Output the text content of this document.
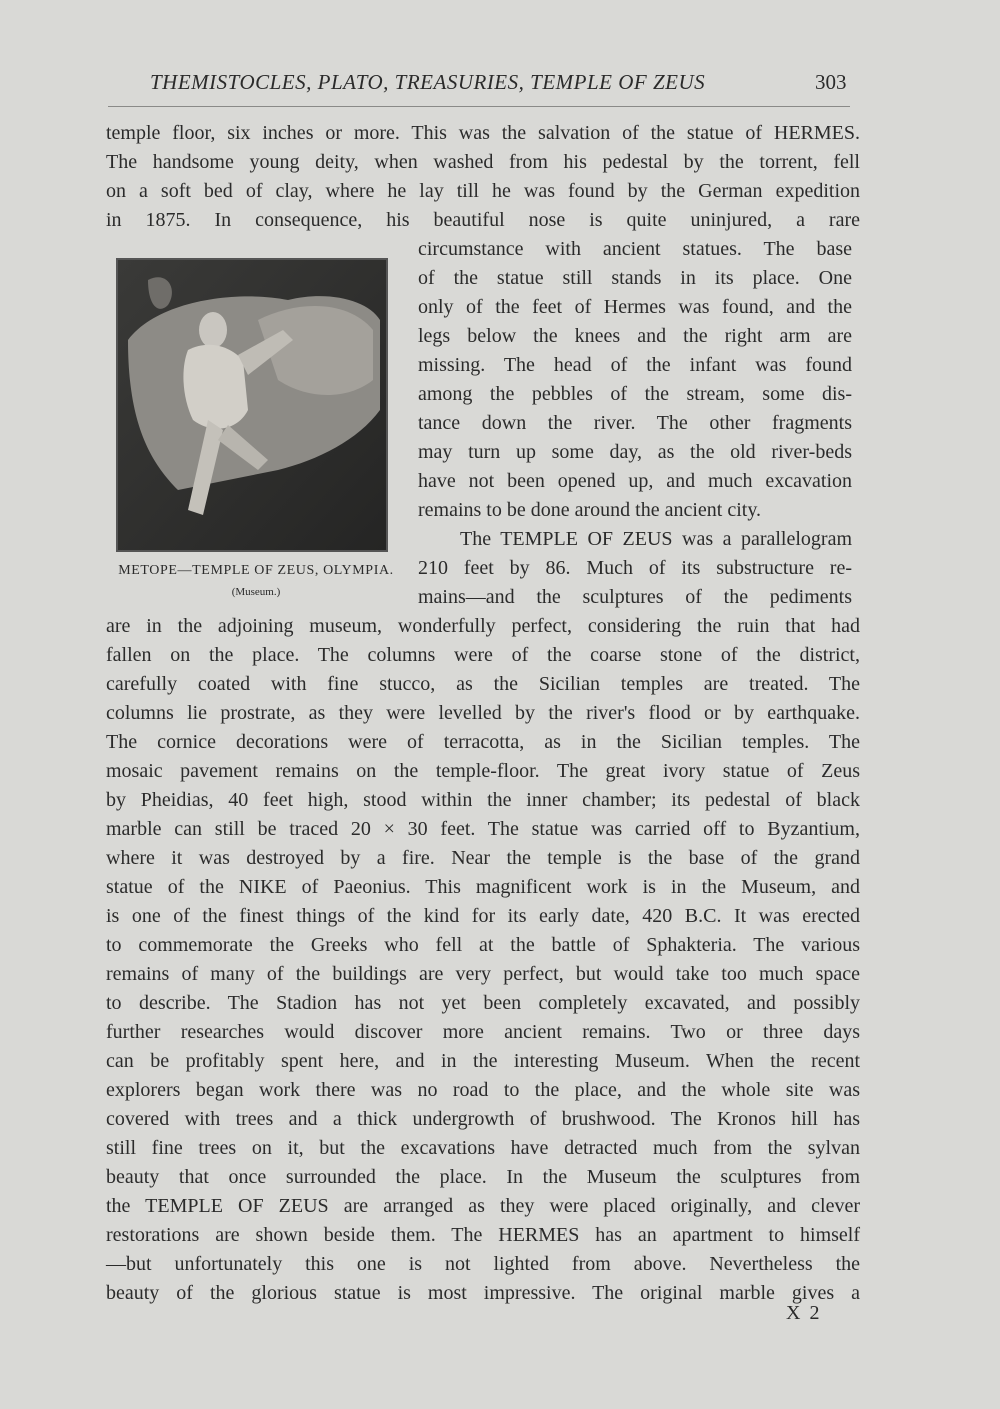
THEMISTOCLES, PLATO, TREASURIES, TEMPLE OF ZEUS	303
METOPE—TEMPLE OF ZEUS, OLYMPIA.
(Museum.)
temple floor, six inches or more. This was the salvation of the statue of HERMES.
The handsome young deity, when washed from his pedestal by the torrent, fell
on a soft bed of clay, where he lay till he was found by the German expedition
in 1875. In consequence, his beautiful nose is quite uninjured, a rare
circumstance with ancient statues. The base
of the statue still stands in its place. One
only of the feet of Hermes was found, and the
legs below the knees and the right arm are
missing. The head of the infant was found
among the pebbles of the stream, some dis-
tance down the river. The other fragments
may turn up some day, as the old river-beds
have not been opened up, and much excavation
remains to be done around the ancient city.
The TEMPLE OF ZEUS was a parallelogram
210 feet by 86. Much of its substructure re-
mains—and the sculptures of the pediments
are in the adjoining museum, wonderfully perfect, considering the ruin that had
fallen on the place. The columns were of the coarse stone of the district,
carefully coated with fine stucco, as the Sicilian temples are treated. The
columns lie prostrate, as they were levelled by the river's flood or by earthquake.
The cornice decorations were of terracotta, as in the Sicilian temples. The
mosaic pavement remains on the temple-floor. The great ivory statue of Zeus
by Pheidias, 40 feet high, stood within the inner chamber; its pedestal of black
marble can still be traced 20 × 30 feet. The statue was carried off to Byzantium,
where it was destroyed by a fire. Near the temple is the base of the grand
statue of the NIKE of Paeonius. This magnificent work is in the Museum, and
is one of the finest things of the kind for its early date, 420 B.C. It was erected
to commemorate the Greeks who fell at the battle of Sphakteria. The various
remains of many of the buildings are very perfect, but would take too much space
to describe. The Stadion has not yet been completely excavated, and possibly
further researches would discover more ancient remains. Two or three days
can be profitably spent here, and in the interesting Museum. When the recent
explorers began work there was no road to the place, and the whole site was
covered with trees and a thick undergrowth of brushwood. The Kronos hill has
still fine trees on it, but the excavations have detracted much from the sylvan
beauty that once surrounded the place. In the Museum the sculptures from
the TEMPLE OF ZEUS are arranged as they were placed originally, and clever
restorations are shown beside them. The HERMES has an apartment to himself
—but unfortunately this one is not lighted from above. Nevertheless the
beauty of the glorious statue is most impressive. The original marble gives a
X 2
